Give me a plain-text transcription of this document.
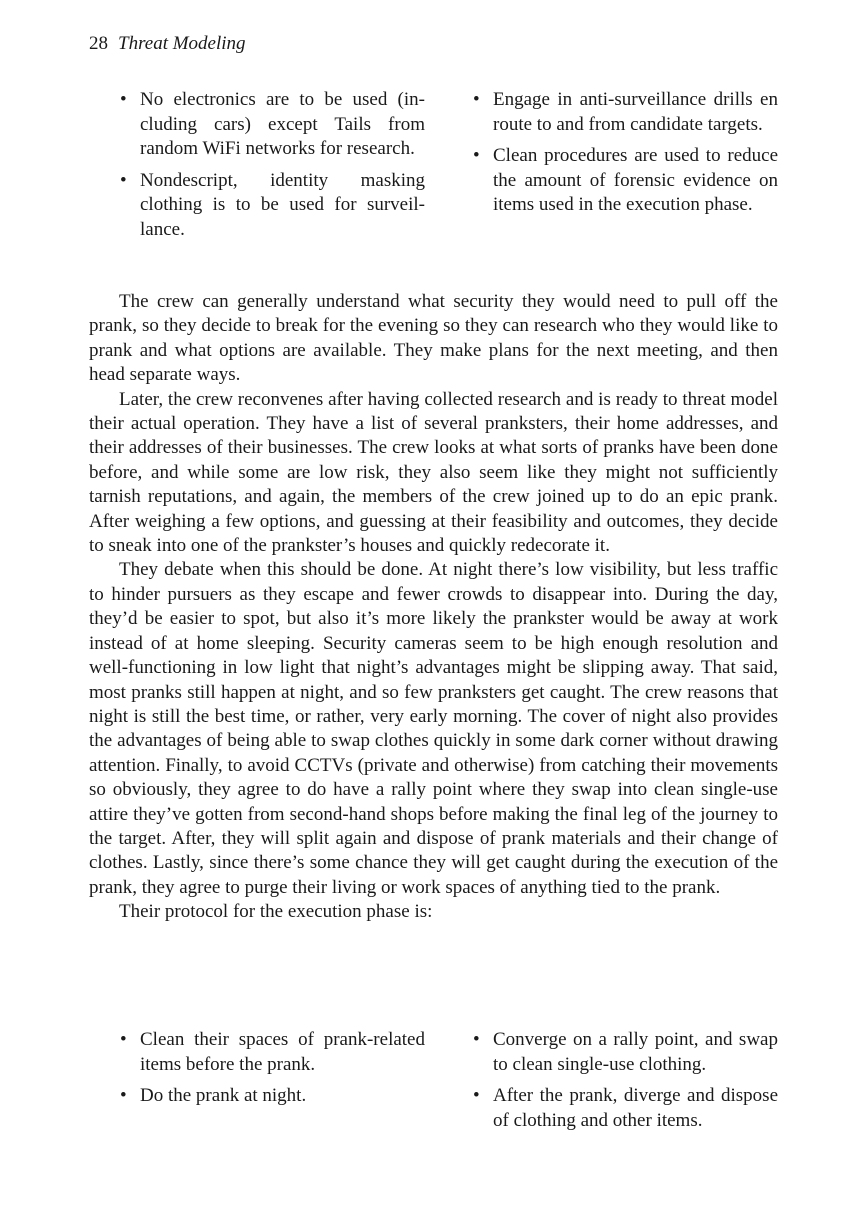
28 Threat Modeling
• No electronics are to be used (including cars) except Tails from random WiFi networks for research.
• Nondescript, identity masking clothing is to be used for surveillance.
• Engage in anti-surveillance drills en route to and from candidate targets.
• Clean procedures are used to reduce the amount of forensic evidence on items used in the execution phase.

The crew can generally understand what security they would need to pull off the prank, so they decide to break for the evening so they can research who they would like to prank and what options are available. They make plans for the next meeting, and then head separate ways.

Later, the crew reconvenes after having collected research and is ready to threat model their actual operation. They have a list of several pranksters, their home addresses, and their addresses of their businesses. The crew looks at what sorts of pranks have been done before, and while some are low risk, they also seem like they might not sufficiently tarnish reputations, and again, the members of the crew joined up to do an epic prank. After weighing a few options, and guessing at their feasibility and outcomes, they decide to sneak into one of the prankster’s houses and quickly redecorate it.

They debate when this should be done. At night there’s low visibility, but less traffic to hinder pursuers as they escape and fewer crowds to disappear into. During the day, they’d be easier to spot, but also it’s more likely the prankster would be away at work instead of at home sleeping. Security cameras seem to be high enough resolution and well-functioning in low light that night’s advantages might be slipping away. That said, most pranks still happen at night, and so few pranksters get caught. The crew reasons that night is still the best time, or rather, very early morning. The cover of night also provides the advantages of being able to swap clothes quickly in some dark corner without drawing attention. Finally, to avoid CCTVs (private and otherwise) from catching their movements so obviously, they agree to do have a rally point where they swap into clean single-use attire they’ve gotten from second-hand shops before making the final leg of the journey to the target. After, they will split again and dispose of prank materials and their change of clothes. Lastly, since there’s some chance they will get caught during the execution of the prank, they agree to purge their living or work spaces of anything tied to the prank.

Their protocol for the execution phase is:

• Clean their spaces of prank-related items before the prank.
• Do the prank at night.
• Converge on a rally point, and swap to clean single-use clothing.
• After the prank, diverge and dispose of clothing and other items.
